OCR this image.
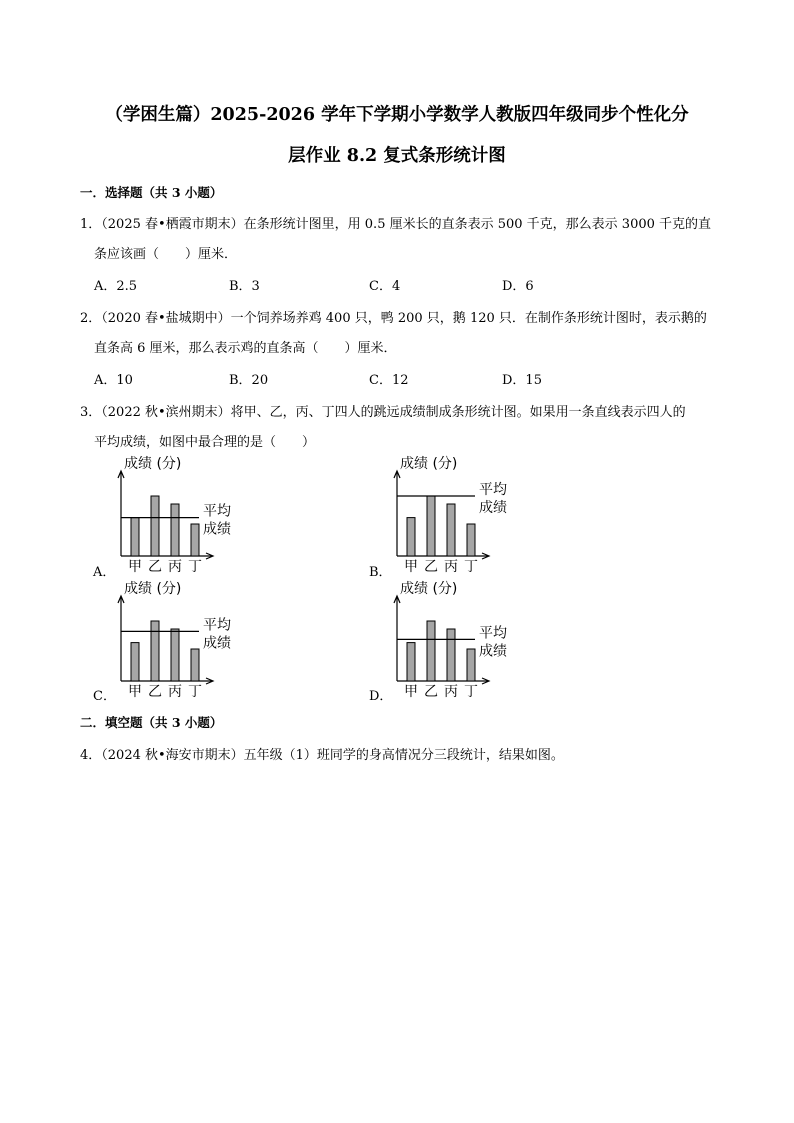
（学困生篇）2025-2026 学年下学期小学数学人教版四年级同步个性化分
层作业 8.2 复式条形统计图
一．选择题（共 3 小题）
1．（2025 春•栖霞市期末）在条形统计图里，用 0.5 厘米长的直条表示 500 千克，那么表示 3000 千克的直
条应该画（　　）厘米．
A．2.5	B．3	C．4	D．6
2．（2020 春•盐城期中）一个饲养场养鸡 400 只，鸭 200 只，鹅 120 只．在制作条形统计图时，表示鹅的
直条高 6 厘米，那么表示鸡的直条高（　　）厘米．
A．10	B．20	C．12	D．15
3．（2022 秋•滨州期末）将甲、乙，丙、丁四人的跳远成绩制成条形统计图。如果用一条直线表示四人的
平均成绩，如图中最合理的是（　　）
A．	B．
C．	D．
成绩 (分)
甲 乙 丙 丁
平均
成绩
成绩 (分)
甲 乙 丙 丁
平均
成绩
成绩 (分)
甲 乙 丙 丁
平均
成绩
成绩 (分)
甲 乙 丙 丁
平均
成绩
二．填空题（共 3 小题）
4．（2024 秋•海安市期末）五年级（1）班同学的身高情况分三段统计，结果如图。
